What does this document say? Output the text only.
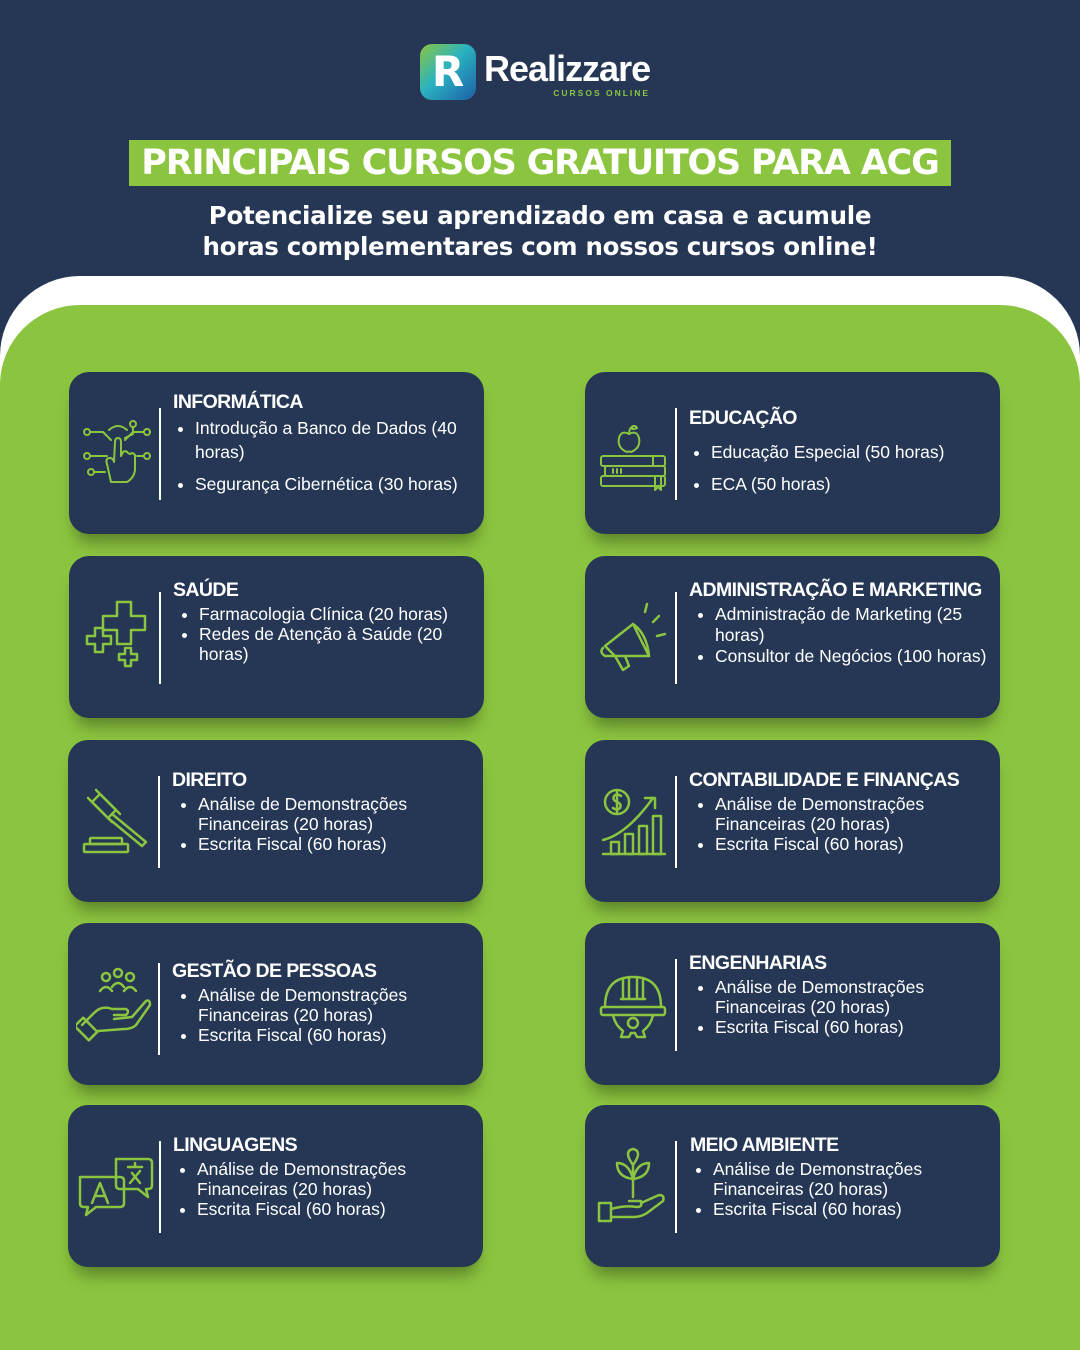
R Realizzare
CURSOS ONLINE
PRINCIPAIS CURSOS GRATUITOS PARA ACG
Potencialize seu aprendizado em casa e acumule
horas complementares com nossos cursos online!
INFORMÁTICA
• Introdução a Banco de Dados (40 horas)
• Segurança Cibernética (30 horas)
EDUCAÇÃO
• Educação Especial (50 horas)
• ECA (50 horas)
SAÚDE
• Farmacologia Clínica (20 horas)
• Redes de Atenção à Saúde (20 horas)
ADMINISTRAÇÃO E MARKETING
• Administração de Marketing (25 horas)
• Consultor de Negócios (100 horas)
DIREITO
• Análise de Demonstrações Financeiras (20 horas)
• Escrita Fiscal (60 horas)
CONTABILIDADE E FINANÇAS
• Análise de Demonstrações Financeiras (20 horas)
• Escrita Fiscal (60 horas)
GESTÃO DE PESSOAS
• Análise de Demonstrações Financeiras (20 horas)
• Escrita Fiscal (60 horas)
ENGENHARIAS
• Análise de Demonstrações Financeiras (20 horas)
• Escrita Fiscal (60 horas)
LINGUAGENS
• Análise de Demonstrações Financeiras (20 horas)
• Escrita Fiscal (60 horas)
MEIO AMBIENTE
• Análise de Demonstrações Financeiras (20 horas)
• Escrita Fiscal (60 horas)
